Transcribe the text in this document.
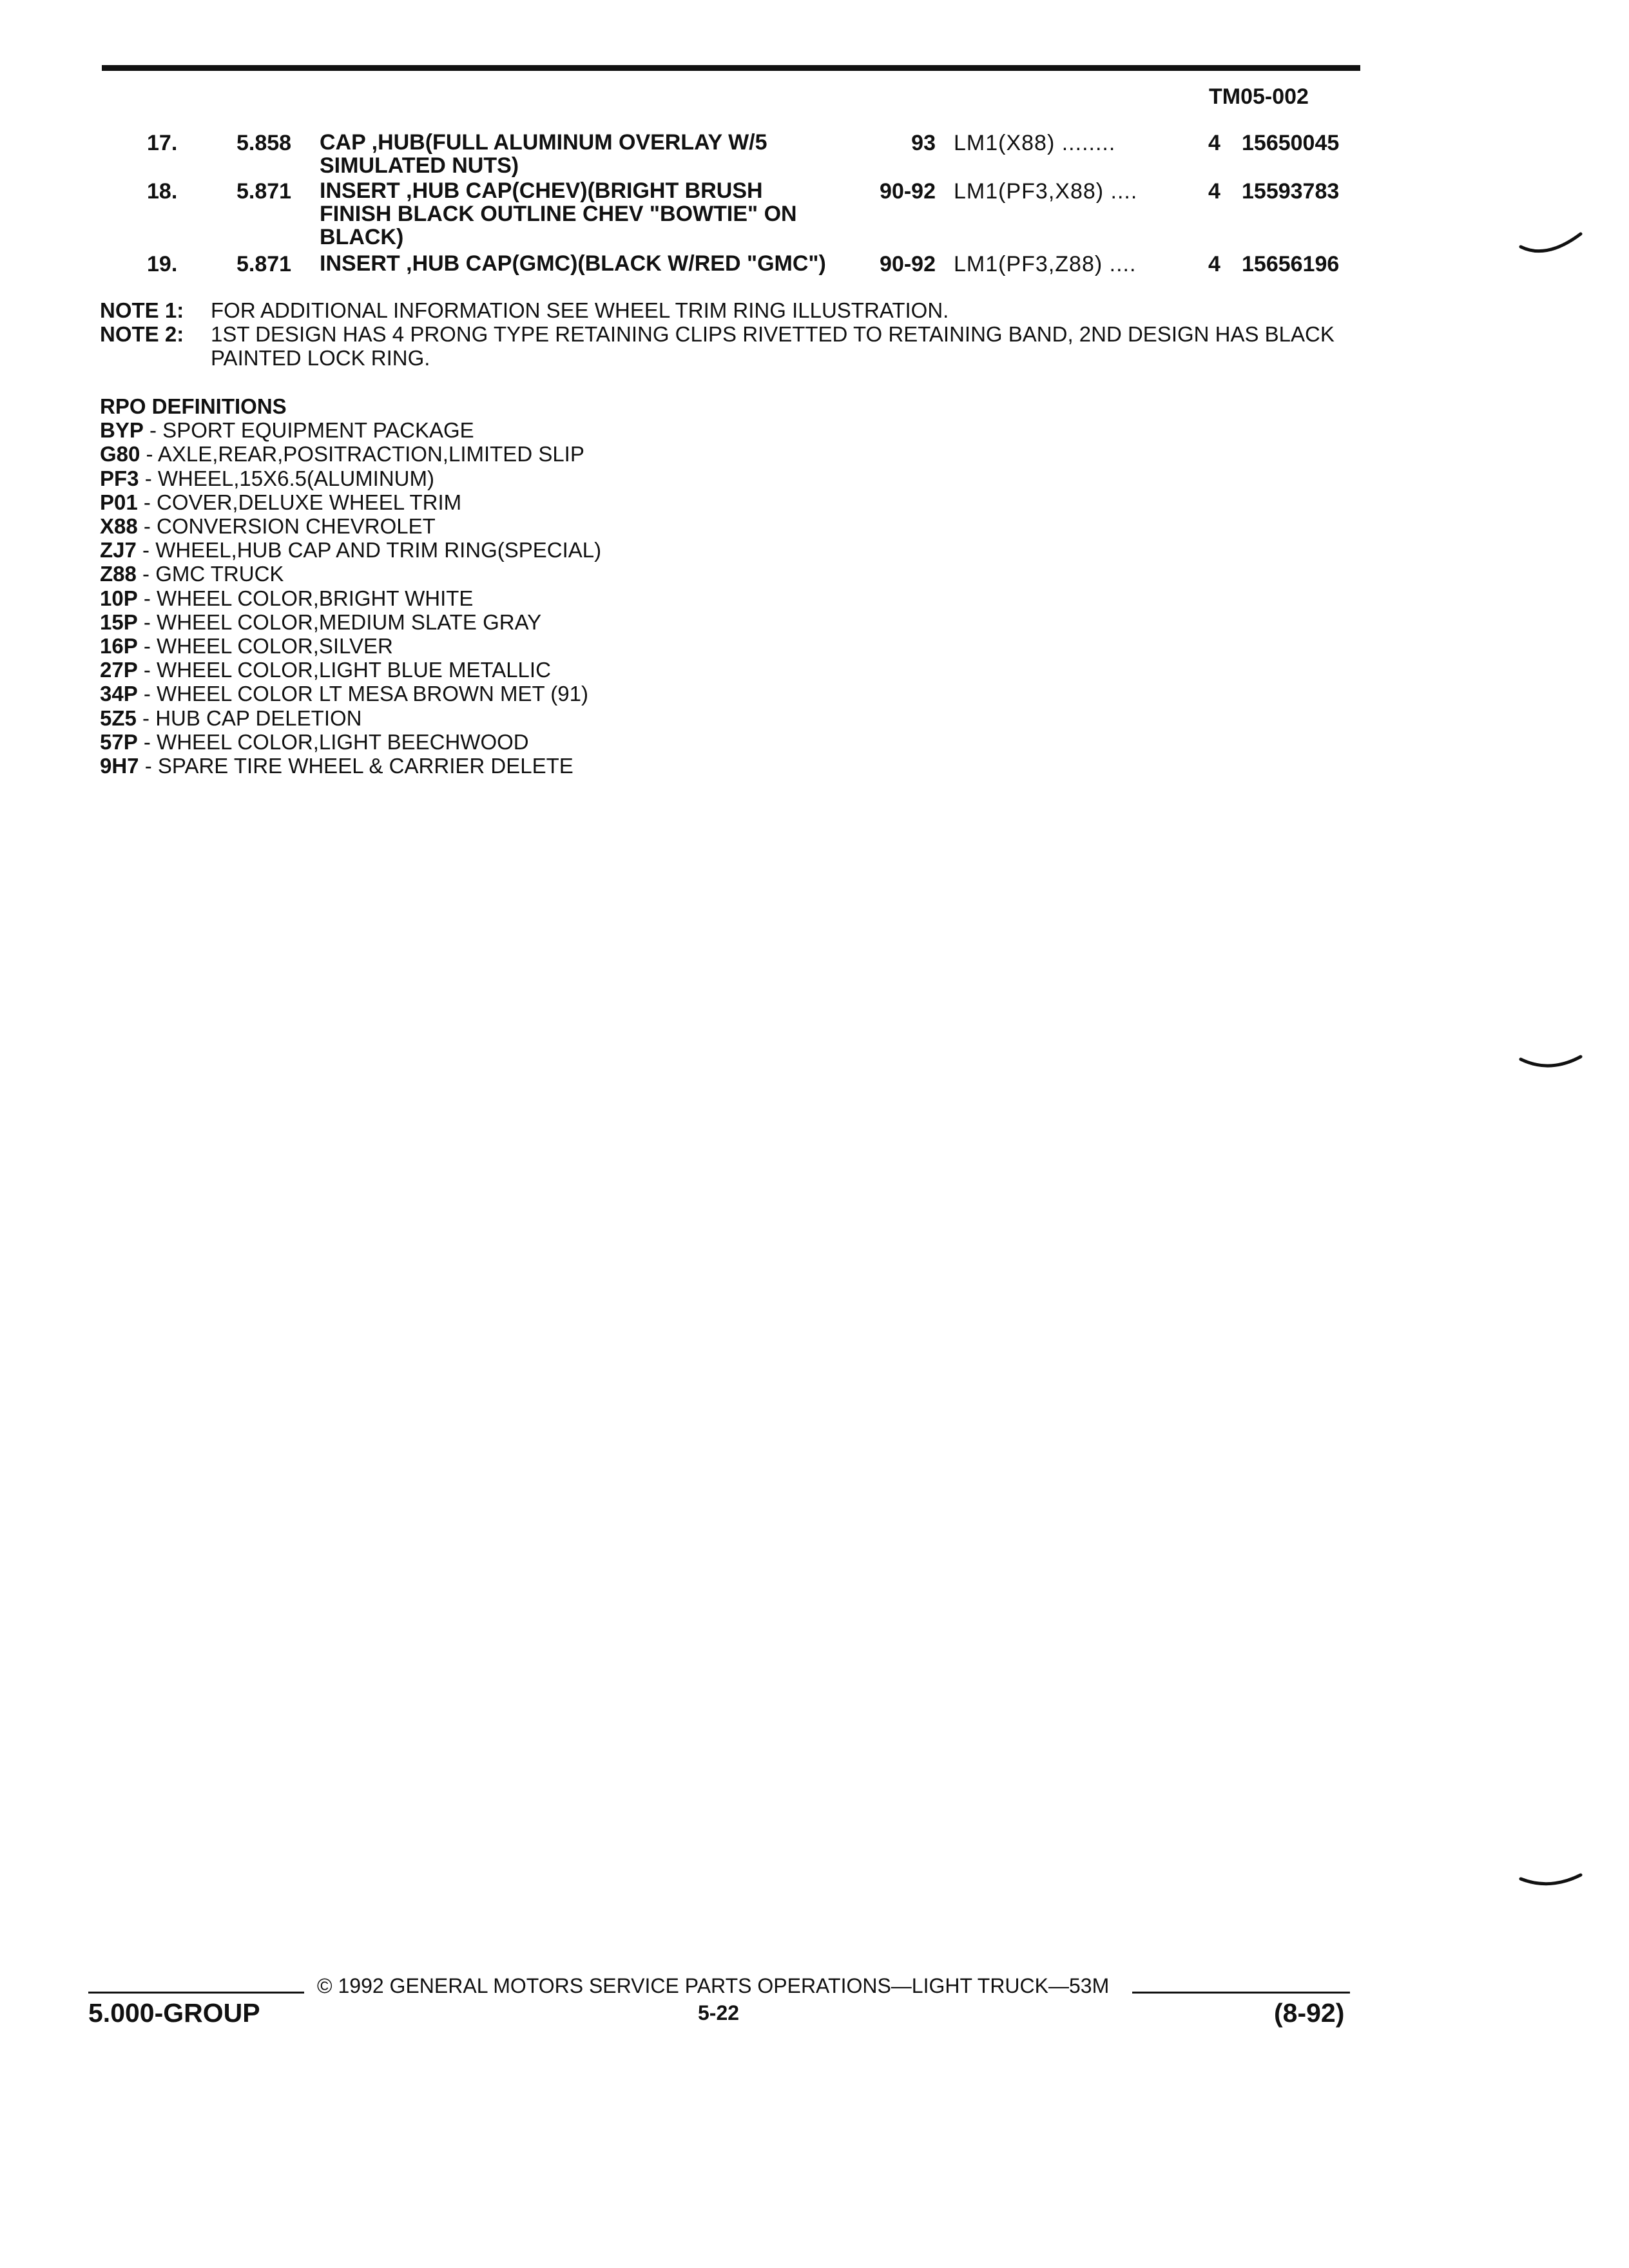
TM05-002
17.	5.858 CAP ,HUB(FULL ALUMINUM OVERLAY W/5
SIMULATED NUTS)
93 LM1(X88) ........	4 15650045
18.	5.871 INSERT ,HUB CAP(CHEV)(BRIGHT BRUSH
FINISH BLACK OUTLINE CHEV "BOWTIE" ON
BLACK)
90-92 LM1(PF3,X88) ....	4 15593783
19.	5.871 INSERT ,HUB CAP(GMC)(BLACK W/RED "GMC") 90-92 LM1(PF3,Z88) ....	4 15656196
NOTE 1: FOR ADDITIONAL INFORMATION SEE WHEEL TRIM RING ILLUSTRATION.
NOTE 2: 1ST DESIGN HAS 4 PRONG TYPE RETAINING CLIPS RIVETTED TO RETAINING BAND, 2ND DESIGN HAS BLACK PAINTED LOCK RING.
RPO DEFINITIONS
BYP - SPORT EQUIPMENT PACKAGE
G80 - AXLE,REAR,POSITRACTION,LIMITED SLIP
PF3 - WHEEL,15X6.5(ALUMINUM)
P01 - COVER,DELUXE WHEEL TRIM
X88 - CONVERSION CHEVROLET
ZJ7 - WHEEL,HUB CAP AND TRIM RING(SPECIAL)
Z88 - GMC TRUCK
10P - WHEEL COLOR,BRIGHT WHITE
15P - WHEEL COLOR,MEDIUM SLATE GRAY
16P - WHEEL COLOR,SILVER
27P - WHEEL COLOR,LIGHT BLUE METALLIC
34P - WHEEL COLOR LT MESA BROWN MET (91)
5Z5 - HUB CAP DELETION
57P - WHEEL COLOR,LIGHT BEECHWOOD
9H7 - SPARE TIRE WHEEL & CARRIER DELETE
© 1992 GENERAL MOTORS SERVICE PARTS OPERATIONS—LIGHT TRUCK—53M
5.000-GROUP	5-22	(8-92)
